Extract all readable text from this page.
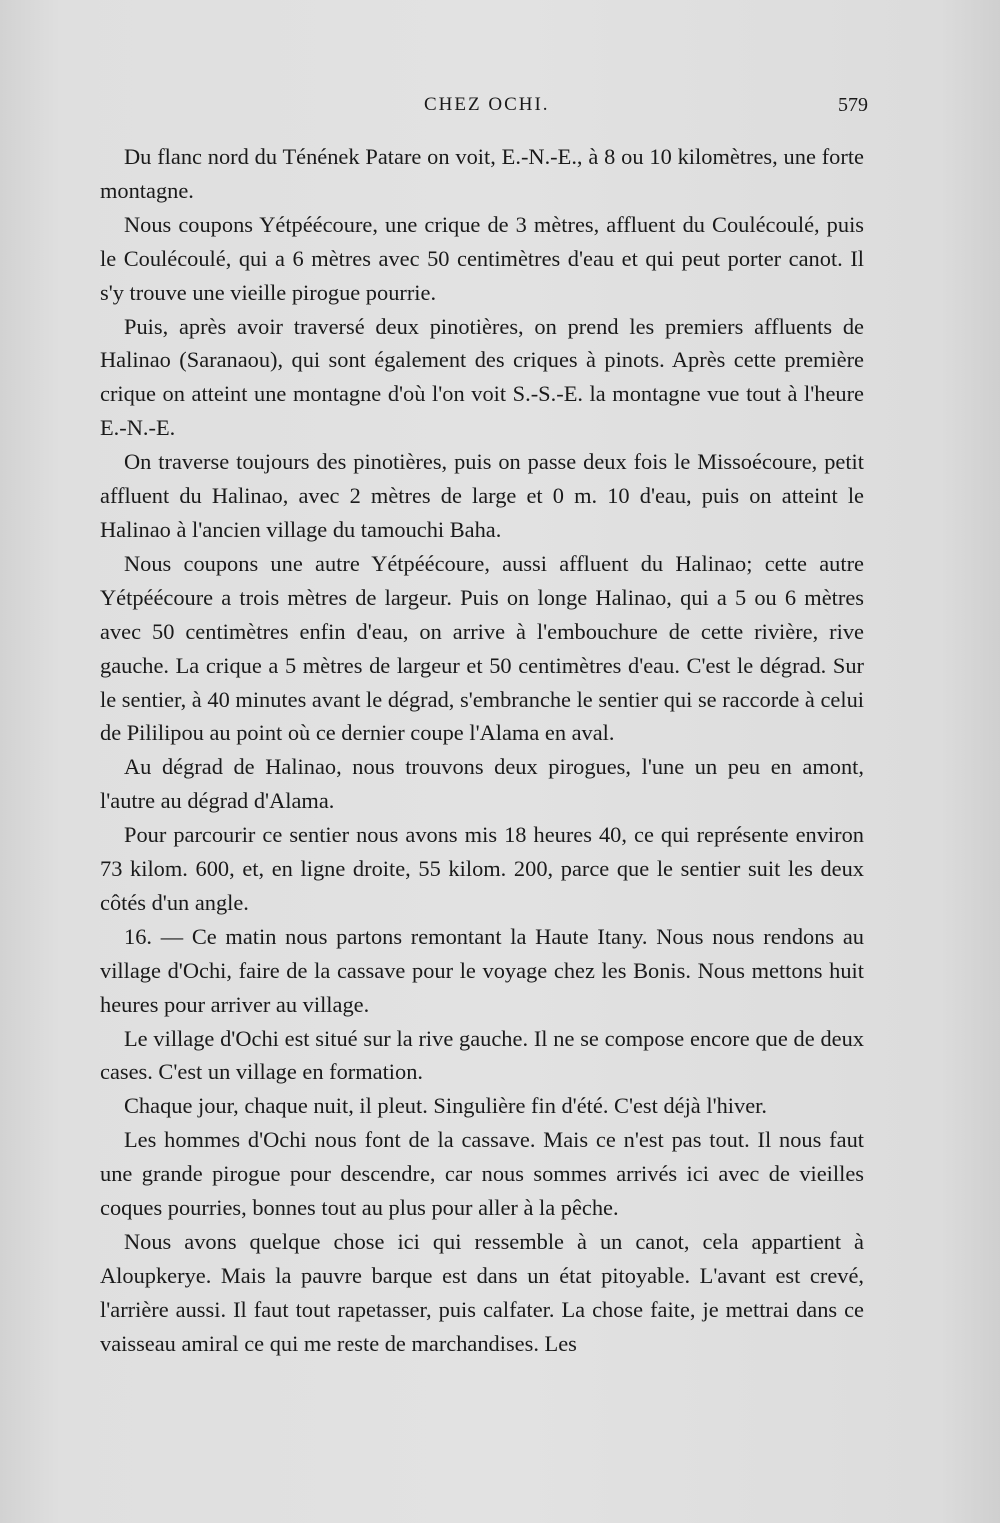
CHEZ OCHI.	579

Du flanc nord du Ténének Patare on voit, E.-N.-E., à 8 ou 10 kilomètres, une forte montagne.

Nous coupons Yétpéécoure, une crique de 3 mètres, affluent du Coulécoulé, puis le Coulécoulé, qui a 6 mètres avec 50 centimètres d'eau et qui peut porter canot. Il s'y trouve une vieille pirogue pourrie.

Puis, après avoir traversé deux pinotières, on prend les premiers affluents de Halinao (Saranaou), qui sont également des criques à pinots. Après cette première crique on atteint une montagne d'où l'on voit S.-S.-E. la montagne vue tout à l'heure E.-N.-E.

On traverse toujours des pinotières, puis on passe deux fois le Missoécoure, petit affluent du Halinao, avec 2 mètres de large et 0 m. 10 d'eau, puis on atteint le Halinao à l'ancien village du tamouchi Baha.

Nous coupons une autre Yétpéécoure, aussi affluent du Halinao; cette autre Yétpéécoure a trois mètres de largeur. Puis on longe Halinao, qui a 5 ou 6 mètres avec 50 centimètres enfin d'eau, on arrive à l'embouchure de cette rivière, rive gauche. La crique a 5 mètres de largeur et 50 centimètres d'eau. C'est le dégrad. Sur le sentier, à 40 minutes avant le dégrad, s'embranche le sentier qui se raccorde à celui de Pililipou au point où ce dernier coupe l'Alama en aval.

Au dégrad de Halinao, nous trouvons deux pirogues, l'une un peu en amont, l'autre au dégrad d'Alama.

Pour parcourir ce sentier nous avons mis 18 heures 40, ce qui représente environ 73 kilom. 600, et, en ligne droite, 55 kilom. 200, parce que le sentier suit les deux côtés d'un angle.

16. — Ce matin nous partons remontant la Haute Itany. Nous nous rendons au village d'Ochi, faire de la cassave pour le voyage chez les Bonis. Nous mettons huit heures pour arriver au village.

Le village d'Ochi est situé sur la rive gauche. Il ne se compose encore que de deux cases. C'est un village en formation.

Chaque jour, chaque nuit, il pleut. Singulière fin d'été. C'est déjà l'hiver.

Les hommes d'Ochi nous font de la cassave. Mais ce n'est pas tout. Il nous faut une grande pirogue pour descendre, car nous sommes arrivés ici avec de vieilles coques pourries, bonnes tout au plus pour aller à la pêche.

Nous avons quelque chose ici qui ressemble à un canot, cela appartient à Aloupkerye. Mais la pauvre barque est dans un état pitoyable. L'avant est crevé, l'arrière aussi. Il faut tout rapetasser, puis calfater. La chose faite, je mettrai dans ce vaisseau amiral ce qui me reste de marchandises. Les
